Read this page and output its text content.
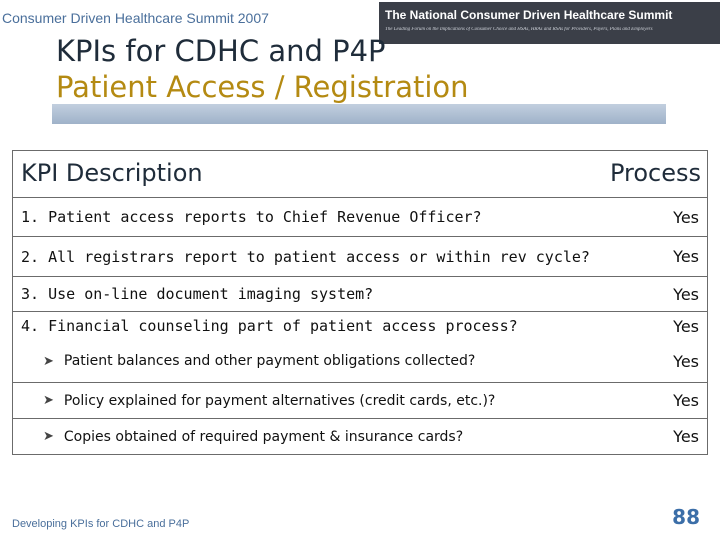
Consumer Driven Healthcare Summit 2007	The National Consumer Driven Healthcare Summit
The Leading Forum on the Implications of Consumer Choice and HSAs, HRAs and RSAs for Providers, Payers, Plans and Employers
KPIs for CDHC and P4P
Patient Access / Registration
KPI Description	Process
1. Patient access reports to Chief Revenue Officer?	Yes
2. All registrars report to patient access or within rev cycle?	Yes
3. Use on-line document imaging system?	Yes
4. Financial counseling part of patient access process?	Yes
➤ Patient balances and other payment obligations collected?	Yes
➤ Policy explained for payment alternatives (credit cards, etc.)?	Yes
➤ Copies obtained of required payment & insurance cards?	Yes
Developing KPIs for CDHC and P4P	88
